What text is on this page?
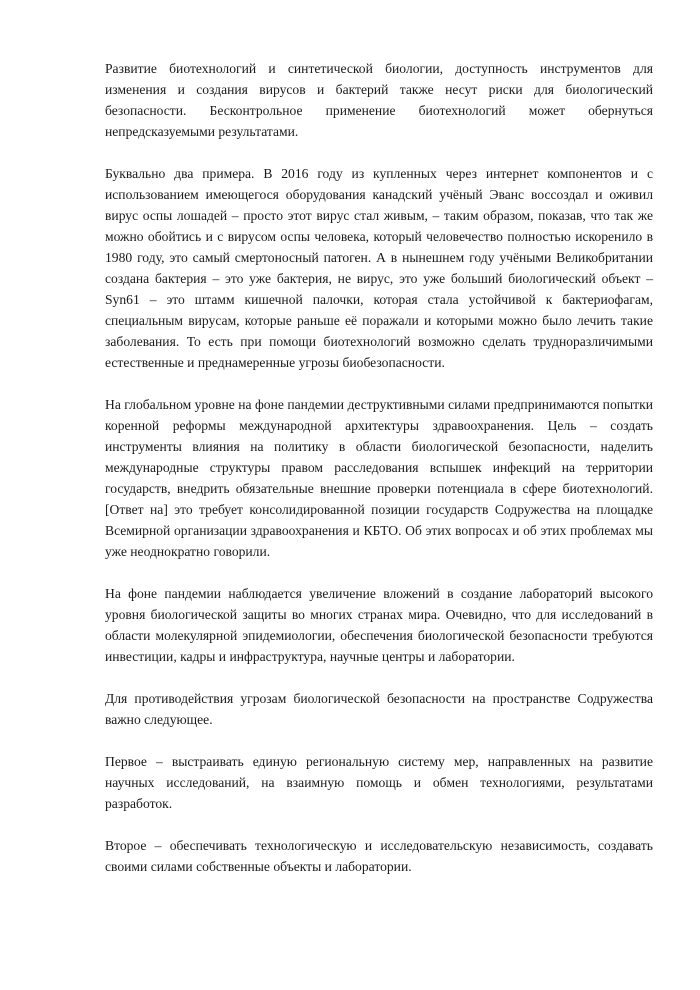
Развитие биотехнологий и синтетической биологии, доступность инструментов для изменения и создания вирусов и бактерий также несут риски для биологический безопасности. Бесконтрольное применение биотехнологий может обернуться непредсказуемыми результатами.

Буквально два примера. В 2016 году из купленных через интернет компонентов и с использованием имеющегося оборудования канадский учёный Эванс воссоздал и оживил вирус оспы лошадей – просто этот вирус стал живым, – таким образом, показав, что так же можно обойтись и с вирусом оспы человека, который человечество полностью искоренило в 1980 году, это самый смертоносный патоген. А в нынешнем году учёными Великобритании создана бактерия – это уже бактерия, не вирус, это уже больший биологический объект – Syn61 – это штамм кишечной палочки, которая стала устойчивой к бактериофагам, специальным вирусам, которые раньше её поражали и которыми можно было лечить такие заболевания. То есть при помощи биотехнологий возможно сделать трудноразличимыми естественные и преднамеренные угрозы биобезопасности.

На глобальном уровне на фоне пандемии деструктивными силами предпринимаются попытки коренной реформы международной архитектуры здравоохранения. Цель – создать инструменты влияния на политику в области биологической безопасности, наделить международные структуры правом расследования вспышек инфекций на территории государств, внедрить обязательные внешние проверки потенциала в сфере биотехнологий. [Ответ на] это требует консолидированной позиции государств Содружества на площадке Всемирной организации здравоохранения и КБТО. Об этих вопросах и об этих проблемах мы уже неоднократно говорили.

На фоне пандемии наблюдается увеличение вложений в создание лабораторий высокого уровня биологической защиты во многих странах мира. Очевидно, что для исследований в области молекулярной эпидемиологии, обеспечения биологической безопасности требуются инвестиции, кадры и инфраструктура, научные центры и лаборатории.

Для противодействия угрозам биологической безопасности на пространстве Содружества важно следующее.

Первое – выстраивать единую региональную систему мер, направленных на развитие научных исследований, на взаимную помощь и обмен технологиями, результатами разработок.

Второе – обеспечивать технологическую и исследовательскую независимость, создавать своими силами собственные объекты и лаборатории.
